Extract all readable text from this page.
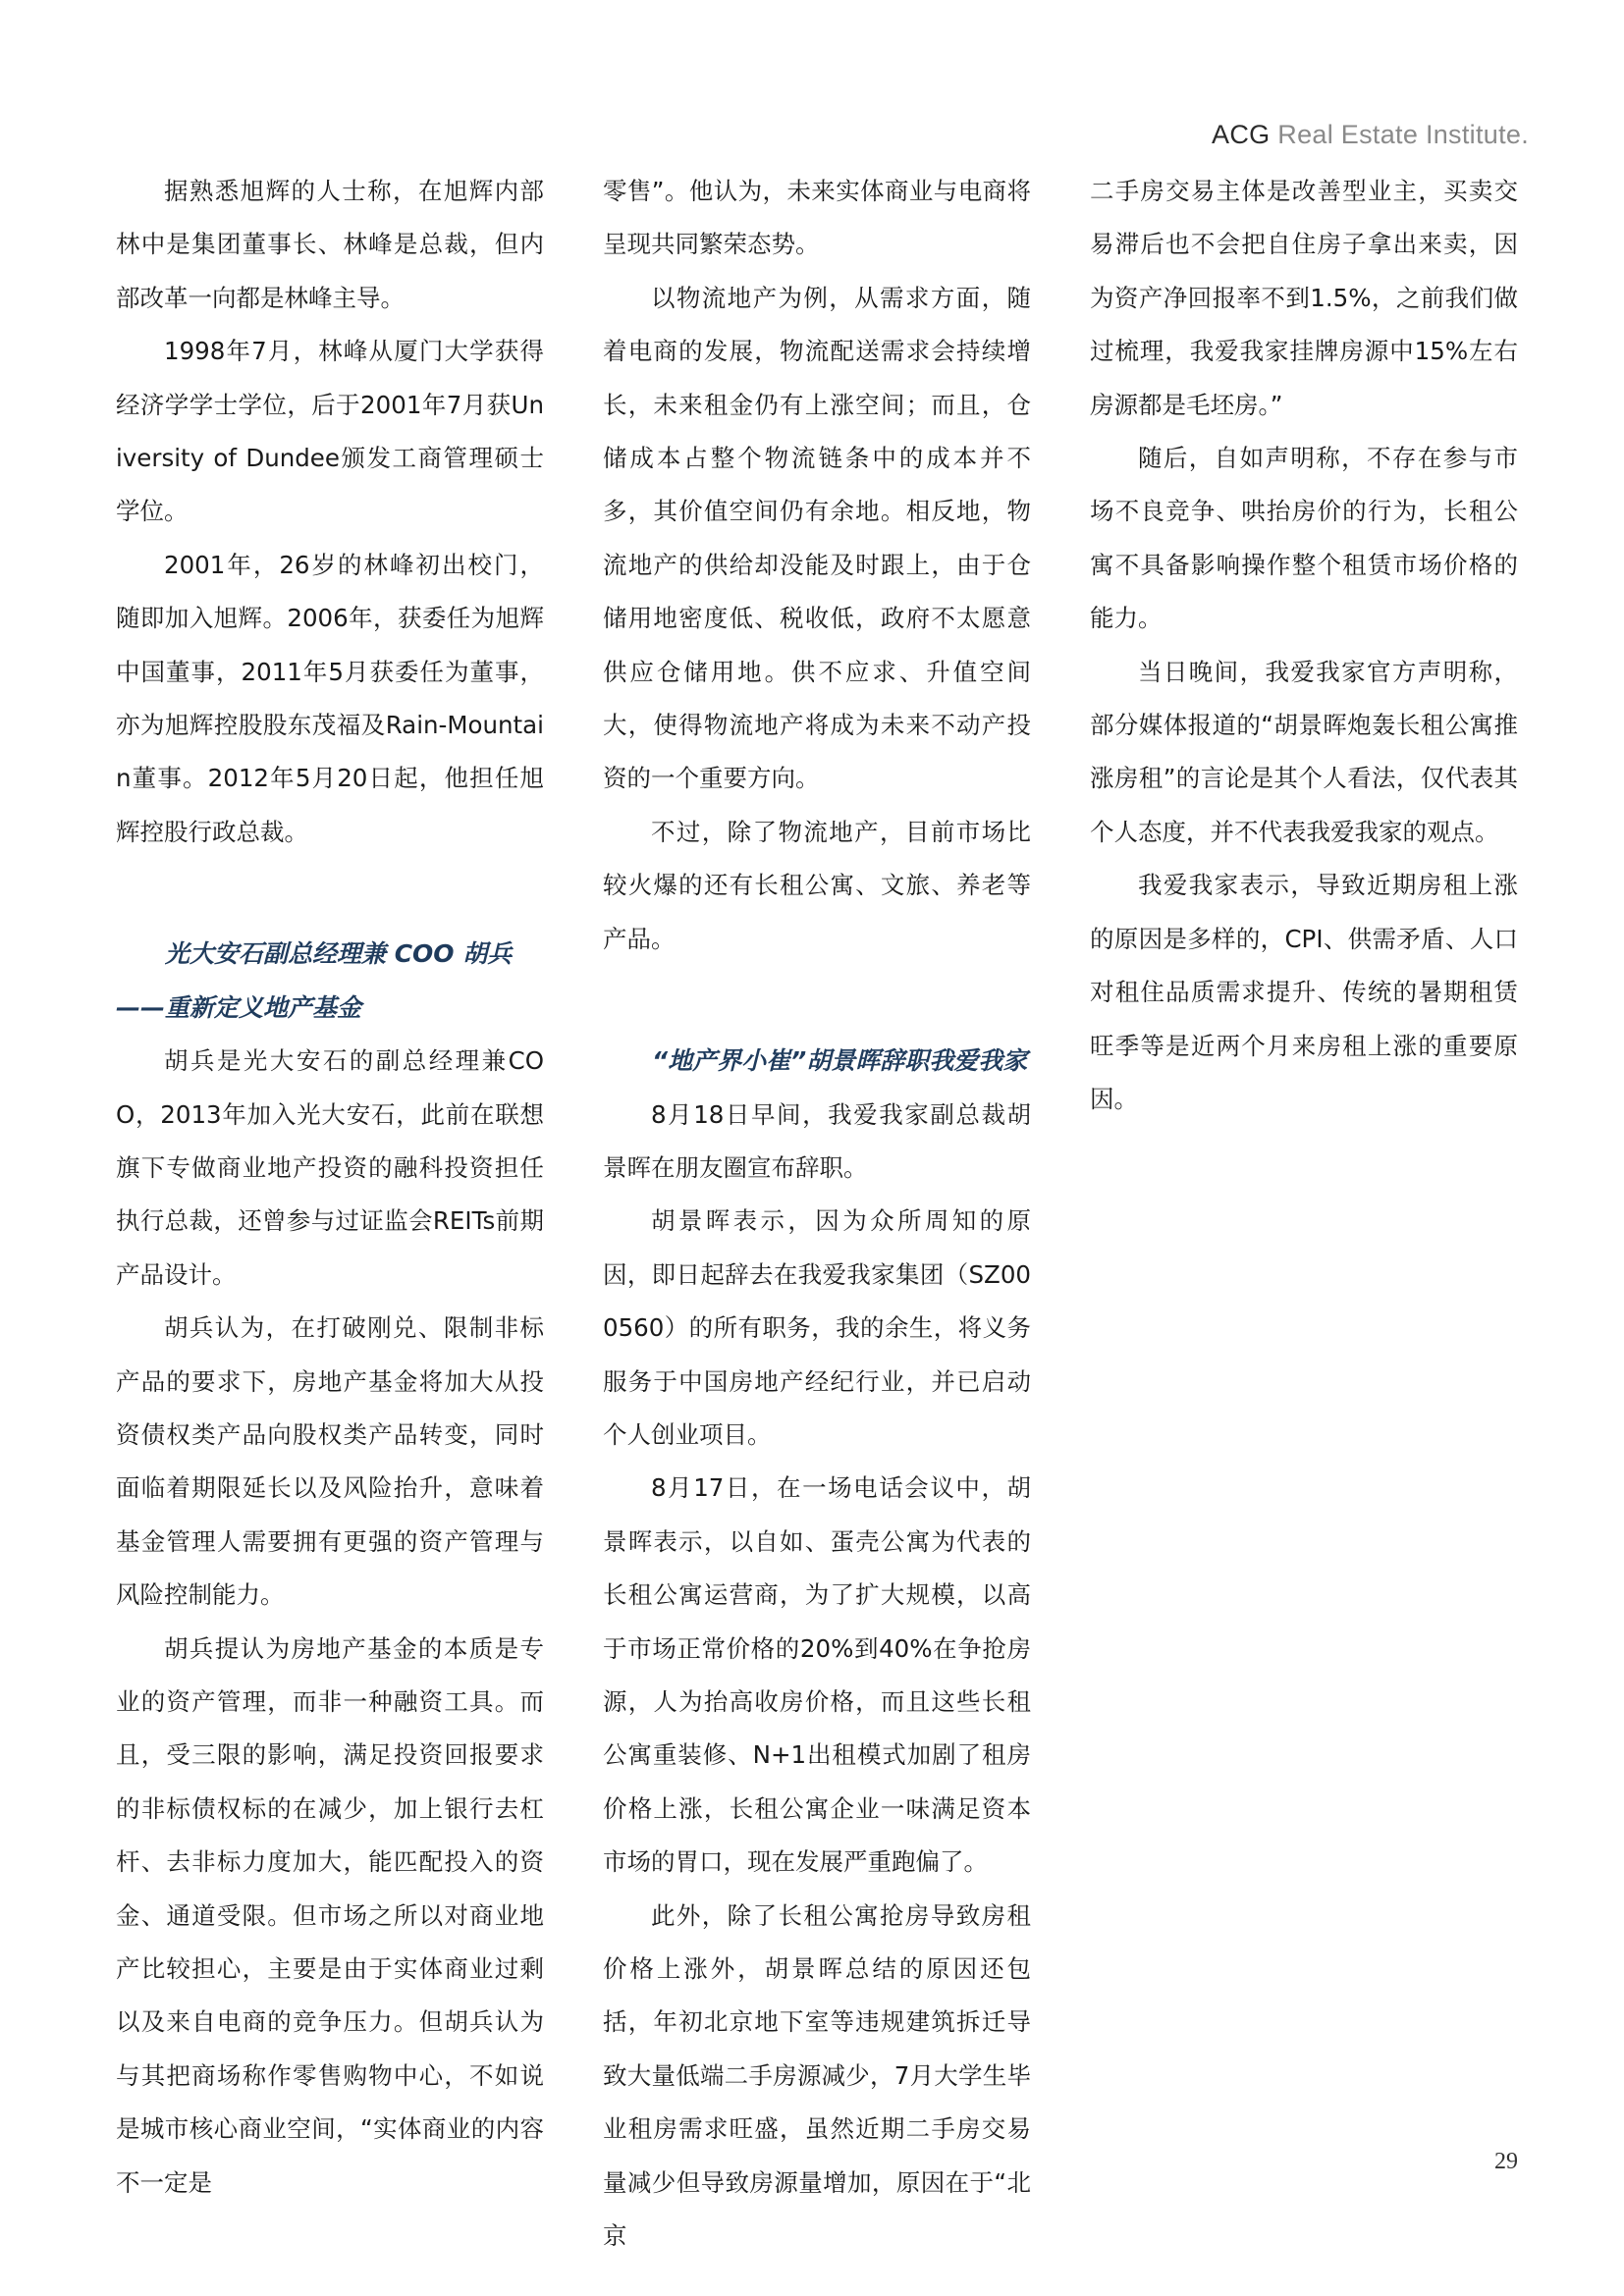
ACG Real Estate Institute.

据熟悉旭辉的人士称，在旭辉内部林中是集团董事长、林峰是总裁，但内部改革一向都是林峰主导。

1998年7月，林峰从厦门大学获得经济学学士学位，后于2001年7月获University of Dundee颁发工商管理硕士学位。

2001年，26岁的林峰初出校门，随即加入旭辉。2006年，获委任为旭辉中国董事，2011年5月获委任为董事，亦为旭辉控股股东茂福及Rain-Mountain董事。2012年5月20日起，他担任旭辉控股行政总裁。

光大安石副总经理兼 COO 胡兵——重新定义地产基金

胡兵是光大安石的副总经理兼COO，2013年加入光大安石，此前在联想旗下专做商业地产投资的融科投资担任执行总裁，还曾参与过证监会REITs前期产品设计。

胡兵认为，在打破刚兑、限制非标产品的要求下，房地产基金将加大从投资债权类产品向股权类产品转变，同时面临着期限延长以及风险抬升，意味着基金管理人需要拥有更强的资产管理与风险控制能力。

胡兵提认为房地产基金的本质是专业的资产管理，而非一种融资工具。而且，受三限的影响，满足投资回报要求的非标债权标的在减少，加上银行去杠杆、去非标力度加大，能匹配投入的资金、通道受限。但市场之所以对商业地产比较担心，主要是由于实体商业过剩以及来自电商的竞争压力。但胡兵认为与其把商场称作零售购物中心，不如说是城市核心商业空间，“实体商业的内容不一定是

零售”。他认为，未来实体商业与电商将呈现共同繁荣态势。

以物流地产为例，从需求方面，随着电商的发展，物流配送需求会持续增长，未来租金仍有上涨空间；而且，仓储成本占整个物流链条中的成本并不多，其价值空间仍有余地。相反地，物流地产的供给却没能及时跟上，由于仓储用地密度低、税收低，政府不太愿意供应仓储用地。供不应求、升值空间大，使得物流地产将成为未来不动产投资的一个重要方向。

不过，除了物流地产，目前市场比较火爆的还有长租公寓、文旅、养老等产品。

“地产界小崔”胡景晖辞职我爱我家

8月18日早间，我爱我家副总裁胡景晖在朋友圈宣布辞职。

胡景晖表示，因为众所周知的原因，即日起辞去在我爱我家集团（SZ000560）的所有职务，我的余生，将义务服务于中国房地产经纪行业，并已启动个人创业项目。

8月17日，在一场电话会议中，胡景晖表示，以自如、蛋壳公寓为代表的长租公寓运营商，为了扩大规模，以高于市场正常价格的20%到40%在争抢房源，人为抬高收房价格，而且这些长租公寓重装修、N+1出租模式加剧了租房价格上涨，长租公寓企业一味满足资本市场的胃口，现在发展严重跑偏了。

此外，除了长租公寓抢房导致房租价格上涨外，胡景晖总结的原因还包括，年初北京地下室等违规建筑拆迁导致大量低端二手房源减少，7月大学生毕业租房需求旺盛，虽然近期二手房交易量减少但导致房源量增加，原因在于“北京

二手房交易主体是改善型业主，买卖交易滞后也不会把自住房子拿出来卖，因为资产净回报率不到1.5%，之前我们做过梳理，我爱我家挂牌房源中15%左右房源都是毛坯房。”

随后，自如声明称，不存在参与市场不良竞争、哄抬房价的行为，长租公寓不具备影响操作整个租赁市场价格的能力。

当日晚间，我爱我家官方声明称，部分媒体报道的“胡景晖炮轰长租公寓推涨房租”的言论是其个人看法，仅代表其个人态度，并不代表我爱我家的观点。

我爱我家表示，导致近期房租上涨的原因是多样的，CPI、供需矛盾、人口对租住品质需求提升、传统的暑期租赁旺季等是近两个月来房租上涨的重要原因。

29
